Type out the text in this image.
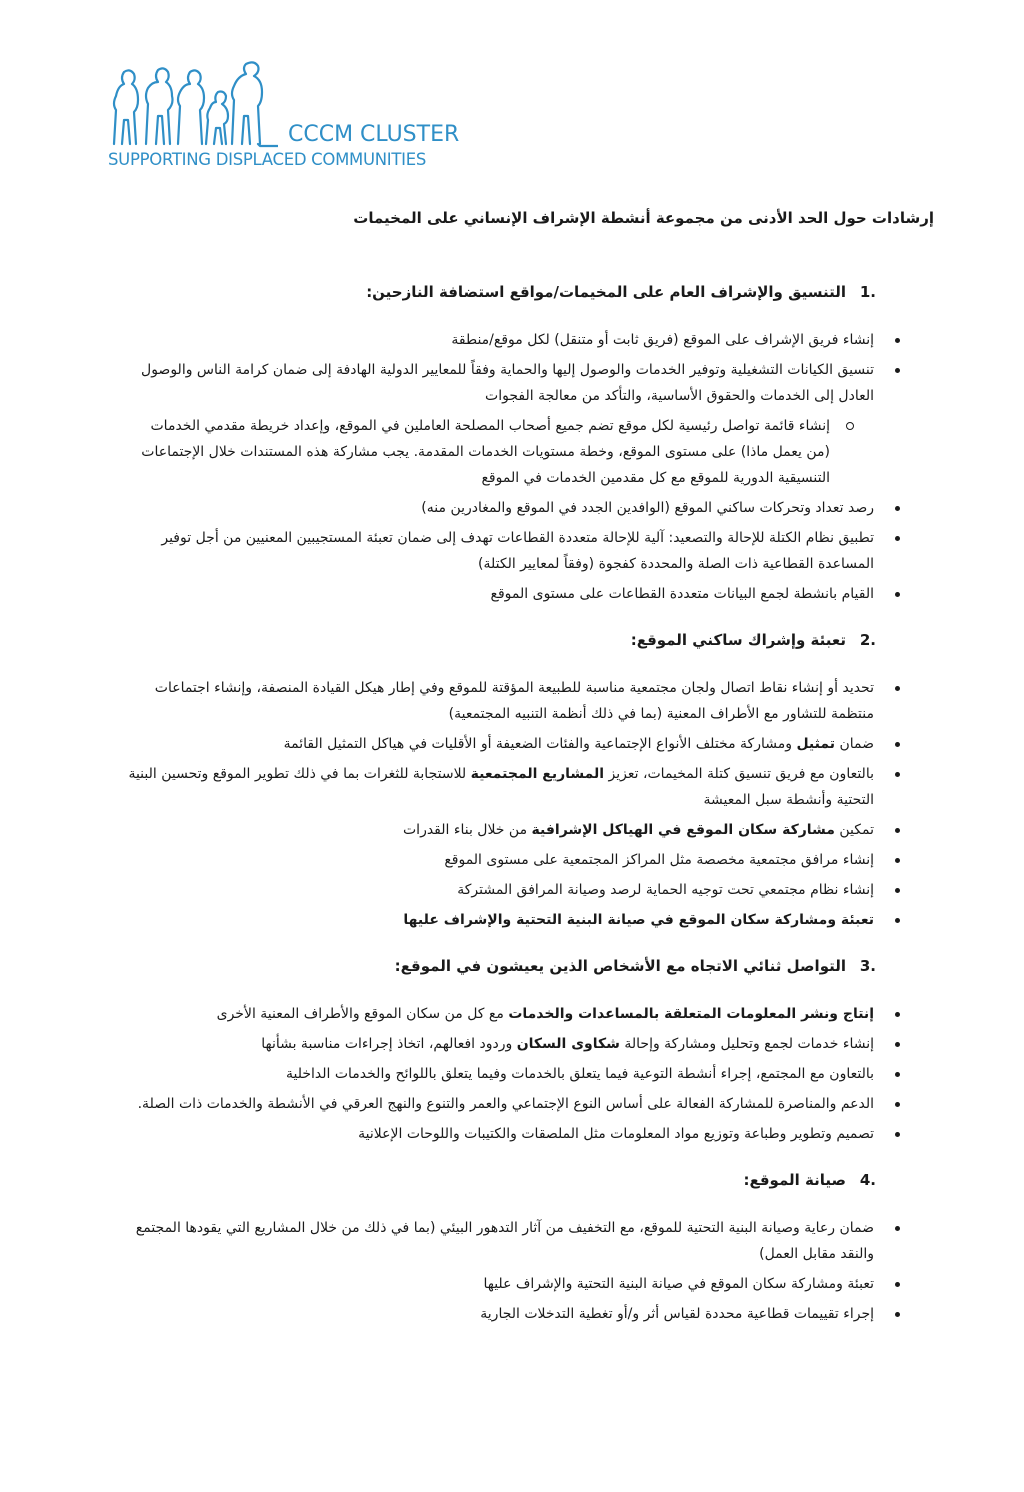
CCCM CLUSTER
SUPPORTING DISPLACED COMMUNITIES
إرشادات حول الحد الأدنى من مجموعة أنشطة الإشراف الإنساني على المخيمات
.1
التنسيق والإشراف العام على المخيمات/مواقع استضافة النازحين:
إنشاء فريق الإشراف على الموقع (فريق ثابت أو متنقل) لكل موقع/منطقة
تنسيق الكيانات التشغيلية وتوفير الخدمات والوصول إليها والحماية وفقاً للمعايير الدولية الهادفة إلى ضمان كرامة الناس والوصول العادل إلى الخدمات والحقوق الأساسية، والتأكد من معالجة الفجوات
إنشاء قائمة تواصل رئيسية لكل موقع تضم جميع أصحاب المصلحة العاملين في الموقع، وإعداد خريطة مقدمي الخدمات (من يعمل ماذا) على مستوى الموقع، وخطة مستويات الخدمات المقدمة. يجب مشاركة هذه المستندات خلال الإجتماعات التنسيقية الدورية للموقع مع كل مقدمين الخدمات في الموقع
رصد تعداد وتحركات ساكني الموقع (الوافدين الجدد في الموقع والمغادرين منه)
تطبيق نظام الكتلة للإحالة والتصعيد: آلية للإحالة متعددة القطاعات تهدف إلى ضمان تعبئة المستجيبين المعنيين من أجل توفير المساعدة القطاعية ذات الصلة والمحددة كفجوة (وفقاً لمعايير الكتلة)
القيام بانشطة لجمع البيانات متعددة القطاعات على مستوى الموقع
.2
تعبئة وإشراك ساكني الموقع:
تحديد أو إنشاء نقاط اتصال ولجان مجتمعية مناسبة للطبيعة المؤقتة للموقع وفي إطار هيكل القيادة المنصفة، وإنشاء اجتماعات منتظمة للتشاور مع الأطراف المعنية (بما في ذلك أنظمة التنبيه المجتمعية)
ضمان تمثيل ومشاركة مختلف الأنواع الإجتماعية والفئات الضعيفة أو الأقليات في هياكل التمثيل القائمة
بالتعاون مع فريق تنسيق كتلة المخيمات، تعزيز المشاريع المجتمعية للاستجابة للثغرات بما في ذلك تطوير الموقع وتحسين البنية التحتية وأنشطة سبل المعيشة
تمكين مشاركة سكان الموقع في الهياكل الإشرافية من خلال بناء القدرات
إنشاء مرافق مجتمعية مخصصة مثل المراكز المجتمعية على مستوى الموقع
إنشاء نظام مجتمعي تحت توجيه الحماية لرصد وصيانة المرافق المشتركة
تعبئة ومشاركة سكان الموقع في صيانة البنية التحتية والإشراف عليها
.3
التواصل ثنائي الاتجاه مع الأشخاص الذين يعيشون في الموقع:
إنتاج ونشر المعلومات المتعلقة بالمساعدات والخدمات مع كل من سكان الموقع والأطراف المعنية الأخرى
إنشاء خدمات لجمع وتحليل ومشاركة وإحالة شكاوى السكان وردود افعالهم، اتخاذ إجراءات مناسبة بشأنها
بالتعاون مع المجتمع، إجراء أنشطة التوعية فيما يتعلق بالخدمات وفيما يتعلق باللوائح والخدمات الداخلية
الدعم والمناصرة للمشاركة الفعالة على أساس النوع الإجتماعي والعمر والتنوع والنهج العرقي في الأنشطة والخدمات ذات الصلة.
تصميم وتطوير وطباعة وتوزيع مواد المعلومات مثل الملصقات والكتيبات واللوحات الإعلانية
.4
صيانة الموقع:
ضمان رعاية وصيانة البنية التحتية للموقع، مع التخفيف من آثار التدهور البيئي (بما في ذلك من خلال المشاريع التي يقودها المجتمع والنقد مقابل العمل)
تعبئة ومشاركة سكان الموقع في صيانة البنية التحتية والإشراف عليها
إجراء تقييمات قطاعية محددة لقياس أثر و/أو تغطية التدخلات الجارية
